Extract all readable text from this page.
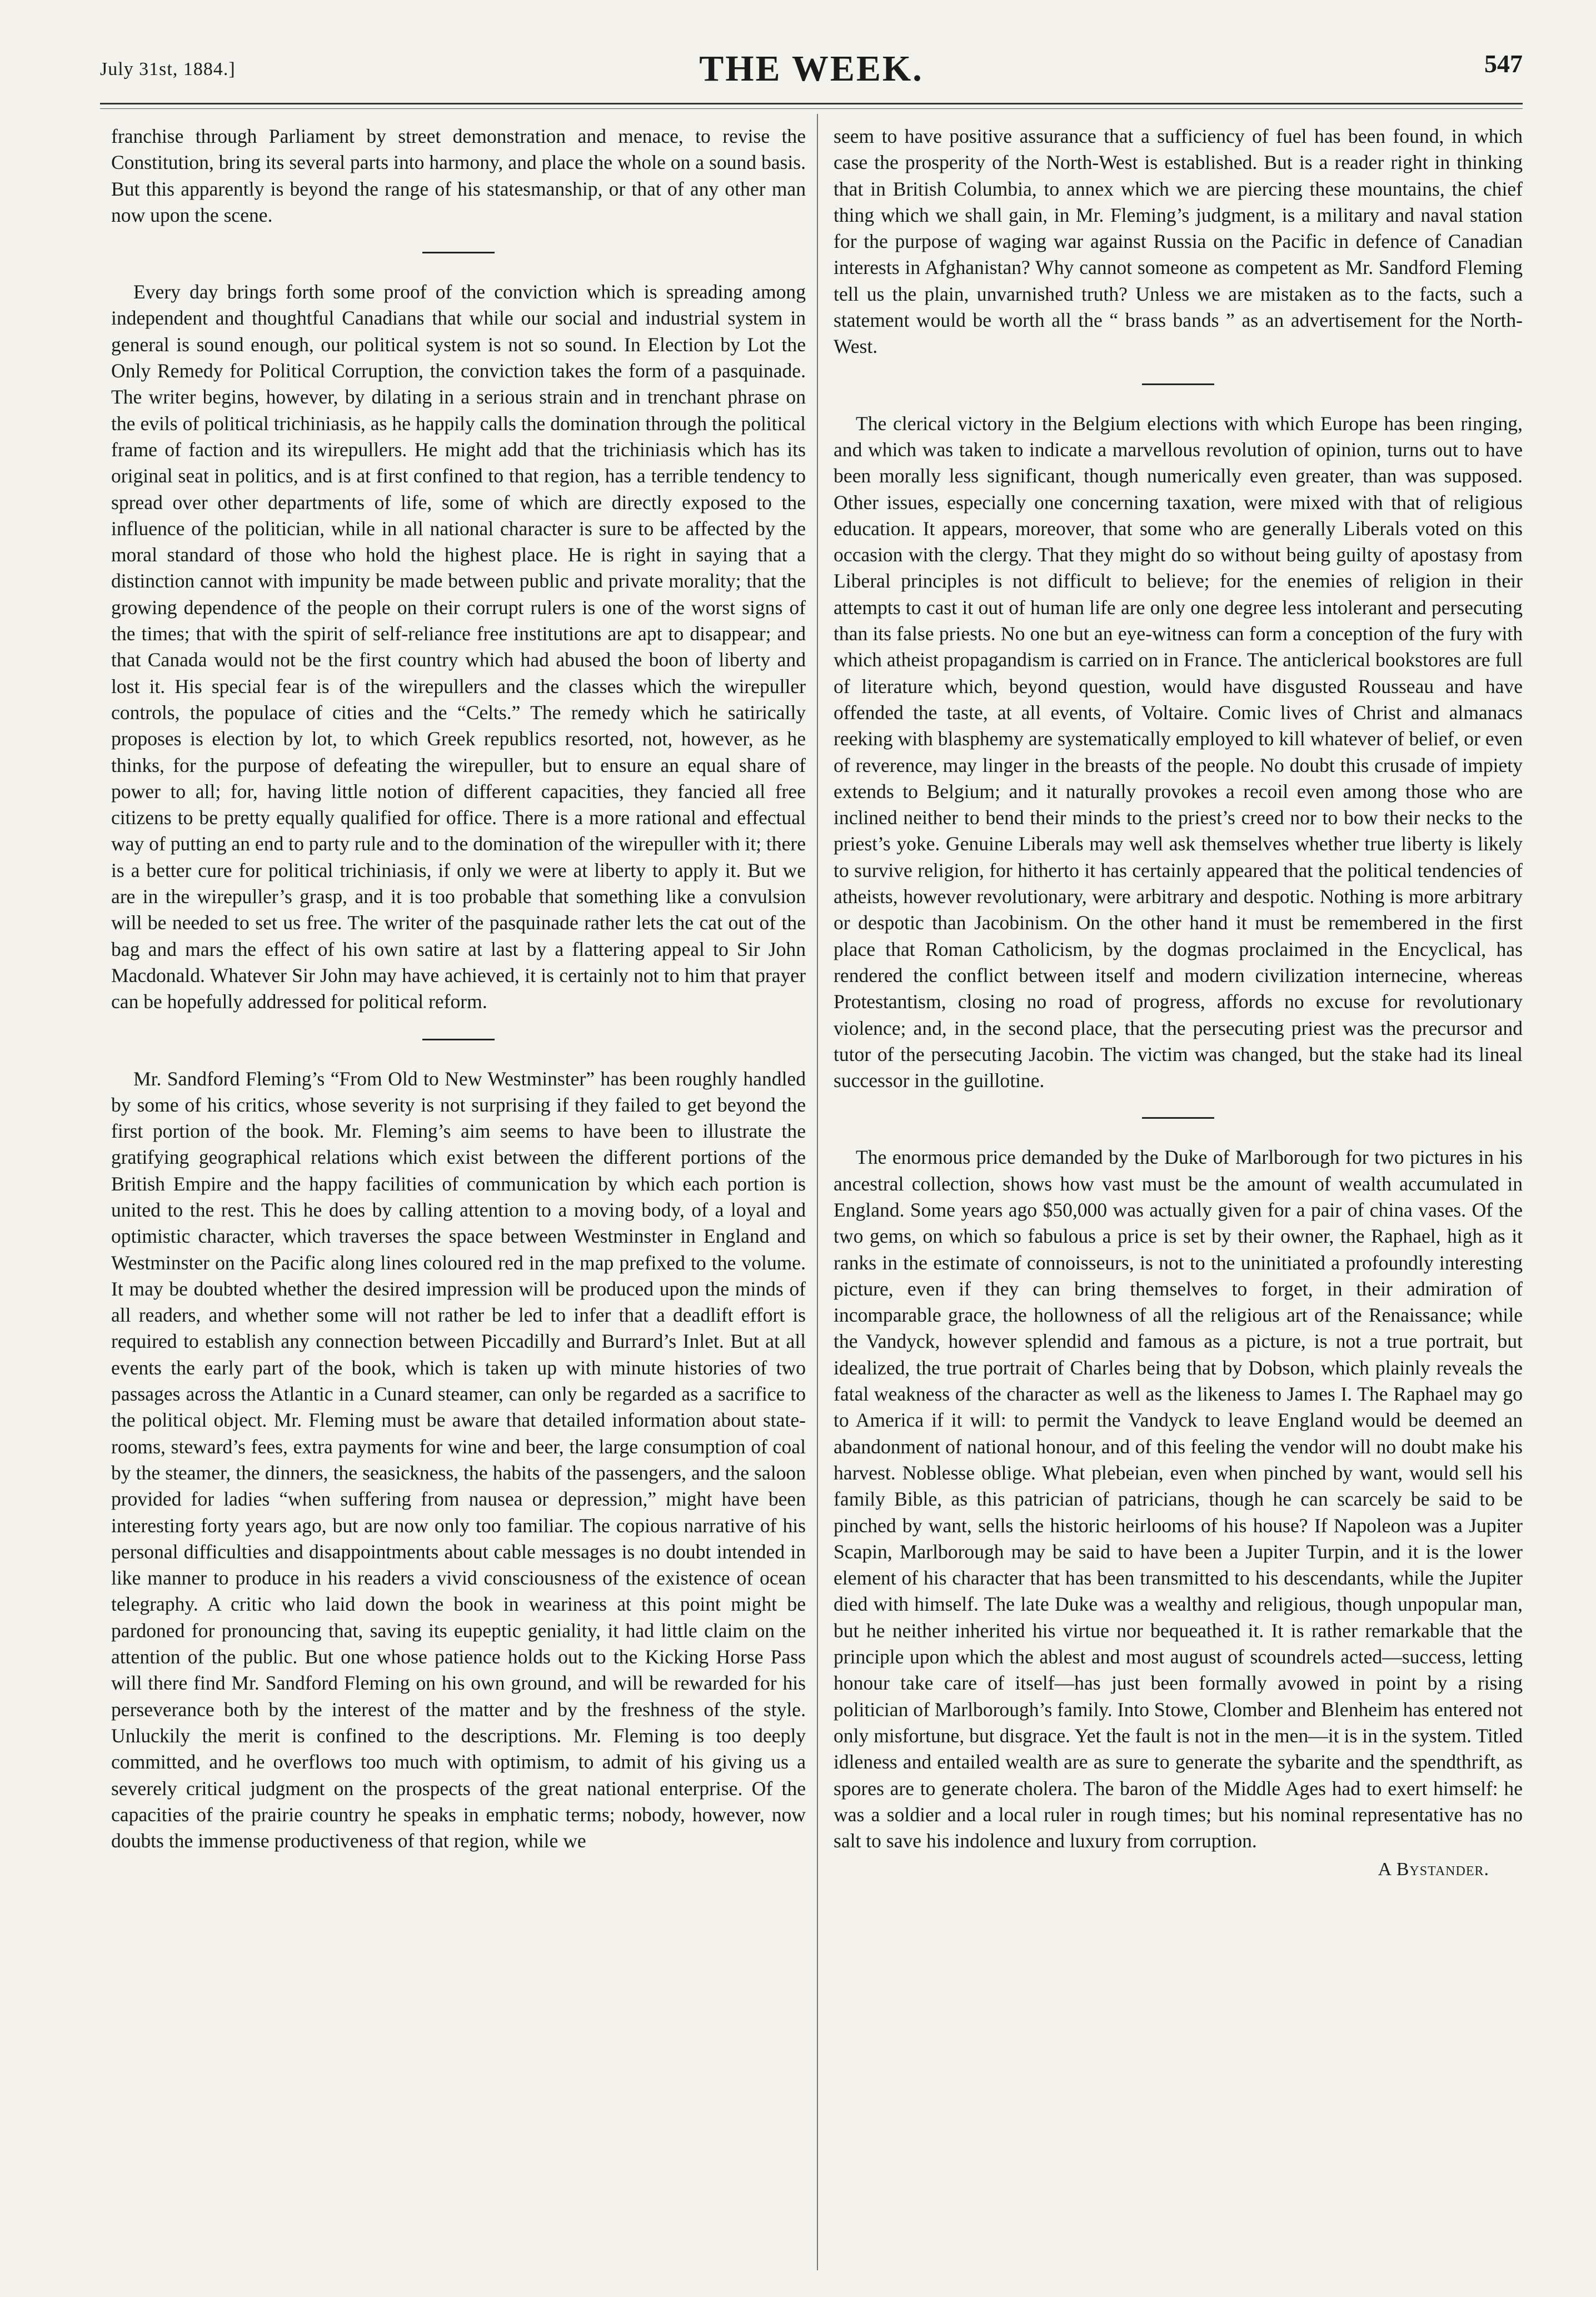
July 31st, 1884.]	THE WEEK.	547

franchise through Parliament by street demonstration and menace, to revise the Constitution, bring its several parts into harmony, and place the whole on a sound basis. But this apparently is beyond the range of his statesmanship, or that of any other man now upon the scene.

Every day brings forth some proof of the conviction which is spreading among independent and thoughtful Canadians that while our social and industrial system in general is sound enough, our political system is not so sound. In Election by Lot the Only Remedy for Political Corruption, the conviction takes the form of a pasquinade. The writer begins, however, by dilating in a serious strain and in trenchant phrase on the evils of political trichiniasis, as he happily calls the domination through the political frame of faction and its wirepullers. He might add that the trichiniasis which has its original seat in politics, and is at first confined to that region, has a terrible tendency to spread over other departments of life, some of which are directly exposed to the influence of the politician, while in all national character is sure to be affected by the moral standard of those who hold the highest place. He is right in saying that a distinction cannot with impunity be made between public and private morality; that the growing dependence of the people on their corrupt rulers is one of the worst signs of the times; that with the spirit of self-reliance free institutions are apt to disappear; and that Canada would not be the first country which had abused the boon of liberty and lost it. His special fear is of the wirepullers and the classes which the wirepuller controls, the populace of cities and the “Celts.” The remedy which he satirically proposes is election by lot, to which Greek republics resorted, not, however, as he thinks, for the purpose of defeating the wirepuller, but to ensure an equal share of power to all; for, having little notion of different capacities, they fancied all free citizens to be pretty equally qualified for office. There is a more rational and effectual way of putting an end to party rule and to the domination of the wirepuller with it; there is a better cure for political trichiniasis, if only we were at liberty to apply it. But we are in the wirepuller’s grasp, and it is too probable that something like a convulsion will be needed to set us free. The writer of the pasquinade rather lets the cat out of the bag and mars the effect of his own satire at last by a flattering appeal to Sir John Macdonald. Whatever Sir John may have achieved, it is certainly not to him that prayer can be hopefully addressed for political reform.

Mr. Sandford Fleming’s “From Old to New Westminster” has been roughly handled by some of his critics, whose severity is not surprising if they failed to get beyond the first portion of the book. Mr. Fleming’s aim seems to have been to illustrate the gratifying geographical relations which exist between the different portions of the British Empire and the happy facilities of communication by which each portion is united to the rest. This he does by calling attention to a moving body, of a loyal and optimistic character, which traverses the space between Westminster in England and Westminster on the Pacific along lines coloured red in the map prefixed to the volume. It may be doubted whether the desired impression will be produced upon the minds of all readers, and whether some will not rather be led to infer that a deadlift effort is required to establish any connection between Piccadilly and Burrard’s Inlet. But at all events the early part of the book, which is taken up with minute histories of two passages across the Atlantic in a Cunard steamer, can only be regarded as a sacrifice to the political object. Mr. Fleming must be aware that detailed information about state-rooms, steward’s fees, extra payments for wine and beer, the large consumption of coal by the steamer, the dinners, the seasickness, the habits of the passengers, and the saloon provided for ladies “when suffering from nausea or depression,” might have been interesting forty years ago, but are now only too familiar. The copious narrative of his personal difficulties and disappointments about cable messages is no doubt intended in like manner to produce in his readers a vivid consciousness of the existence of ocean telegraphy. A critic who laid down the book in weariness at this point might be pardoned for pronouncing that, saving its eupeptic geniality, it had little claim on the attention of the public. But one whose patience holds out to the Kicking Horse Pass will there find Mr. Sandford Fleming on his own ground, and will be rewarded for his perseverance both by the interest of the matter and by the freshness of the style. Unluckily the merit is confined to the descriptions. Mr. Fleming is too deeply committed, and he overflows too much with optimism, to admit of his giving us a severely critical judgment on the prospects of the great national enterprise. Of the capacities of the prairie country he speaks in emphatic terms; nobody, however, now doubts the immense productiveness of that region, while we

seem to have positive assurance that a sufficiency of fuel has been found, in which case the prosperity of the North-West is established. But is a reader right in thinking that in British Columbia, to annex which we are piercing these mountains, the chief thing which we shall gain, in Mr. Fleming’s judgment, is a military and naval station for the purpose of waging war against Russia on the Pacific in defence of Canadian interests in Afghanistan? Why cannot someone as competent as Mr. Sandford Fleming tell us the plain, unvarnished truth? Unless we are mistaken as to the facts, such a statement would be worth all the “ brass bands ” as an advertisement for the North-West.

The clerical victory in the Belgium elections with which Europe has been ringing, and which was taken to indicate a marvellous revolution of opinion, turns out to have been morally less significant, though numerically even greater, than was supposed. Other issues, especially one concerning taxation, were mixed with that of religious education. It appears, moreover, that some who are generally Liberals voted on this occasion with the clergy. That they might do so without being guilty of apostasy from Liberal principles is not difficult to believe; for the enemies of religion in their attempts to cast it out of human life are only one degree less intolerant and persecuting than its false priests. No one but an eye-witness can form a conception of the fury with which atheist propagandism is carried on in France. The anticlerical bookstores are full of literature which, beyond question, would have disgusted Rousseau and have offended the taste, at all events, of Voltaire. Comic lives of Christ and almanacs reeking with blasphemy are systematically employed to kill whatever of belief, or even of reverence, may linger in the breasts of the people. No doubt this crusade of impiety extends to Belgium; and it naturally provokes a recoil even among those who are inclined neither to bend their minds to the priest’s creed nor to bow their necks to the priest’s yoke. Genuine Liberals may well ask themselves whether true liberty is likely to survive religion, for hitherto it has certainly appeared that the political tendencies of atheists, however revolutionary, were arbitrary and despotic. Nothing is more arbitrary or despotic than Jacobinism. On the other hand it must be remembered in the first place that Roman Catholicism, by the dogmas proclaimed in the Encyclical, has rendered the conflict between itself and modern civilization internecine, whereas Protestantism, closing no road of progress, affords no excuse for revolutionary violence; and, in the second place, that the persecuting priest was the precursor and tutor of the persecuting Jacobin. The victim was changed, but the stake had its lineal successor in the guillotine.

The enormous price demanded by the Duke of Marlborough for two pictures in his ancestral collection, shows how vast must be the amount of wealth accumulated in England. Some years ago $50,000 was actually given for a pair of china vases. Of the two gems, on which so fabulous a price is set by their owner, the Raphael, high as it ranks in the estimate of connoisseurs, is not to the uninitiated a profoundly interesting picture, even if they can bring themselves to forget, in their admiration of incomparable grace, the hollowness of all the religious art of the Renaissance; while the Vandyck, however splendid and famous as a picture, is not a true portrait, but idealized, the true portrait of Charles being that by Dobson, which plainly reveals the fatal weakness of the character as well as the likeness to James I. The Raphael may go to America if it will: to permit the Vandyck to leave England would be deemed an abandonment of national honour, and of this feeling the vendor will no doubt make his harvest. Noblesse oblige. What plebeian, even when pinched by want, would sell his family Bible, as this patrician of patricians, though he can scarcely be said to be pinched by want, sells the historic heirlooms of his house? If Napoleon was a Jupiter Scapin, Marlborough may be said to have been a Jupiter Turpin, and it is the lower element of his character that has been transmitted to his descendants, while the Jupiter died with himself. The late Duke was a wealthy and religious, though unpopular man, but he neither inherited his virtue nor bequeathed it. It is rather remarkable that the principle upon which the ablest and most august of scoundrels acted—success, letting honour take care of itself—has just been formally avowed in point by a rising politician of Marlborough’s family. Into Stowe, Clomber and Blenheim has entered not only misfortune, but disgrace. Yet the fault is not in the men—it is in the system. Titled idleness and entailed wealth are as sure to generate the sybarite and the spendthrift, as spores are to generate cholera. The baron of the Middle Ages had to exert himself: he was a soldier and a local ruler in rough times; but his nominal representative has no salt to save his indolence and luxury from corruption.

A Bystander.
